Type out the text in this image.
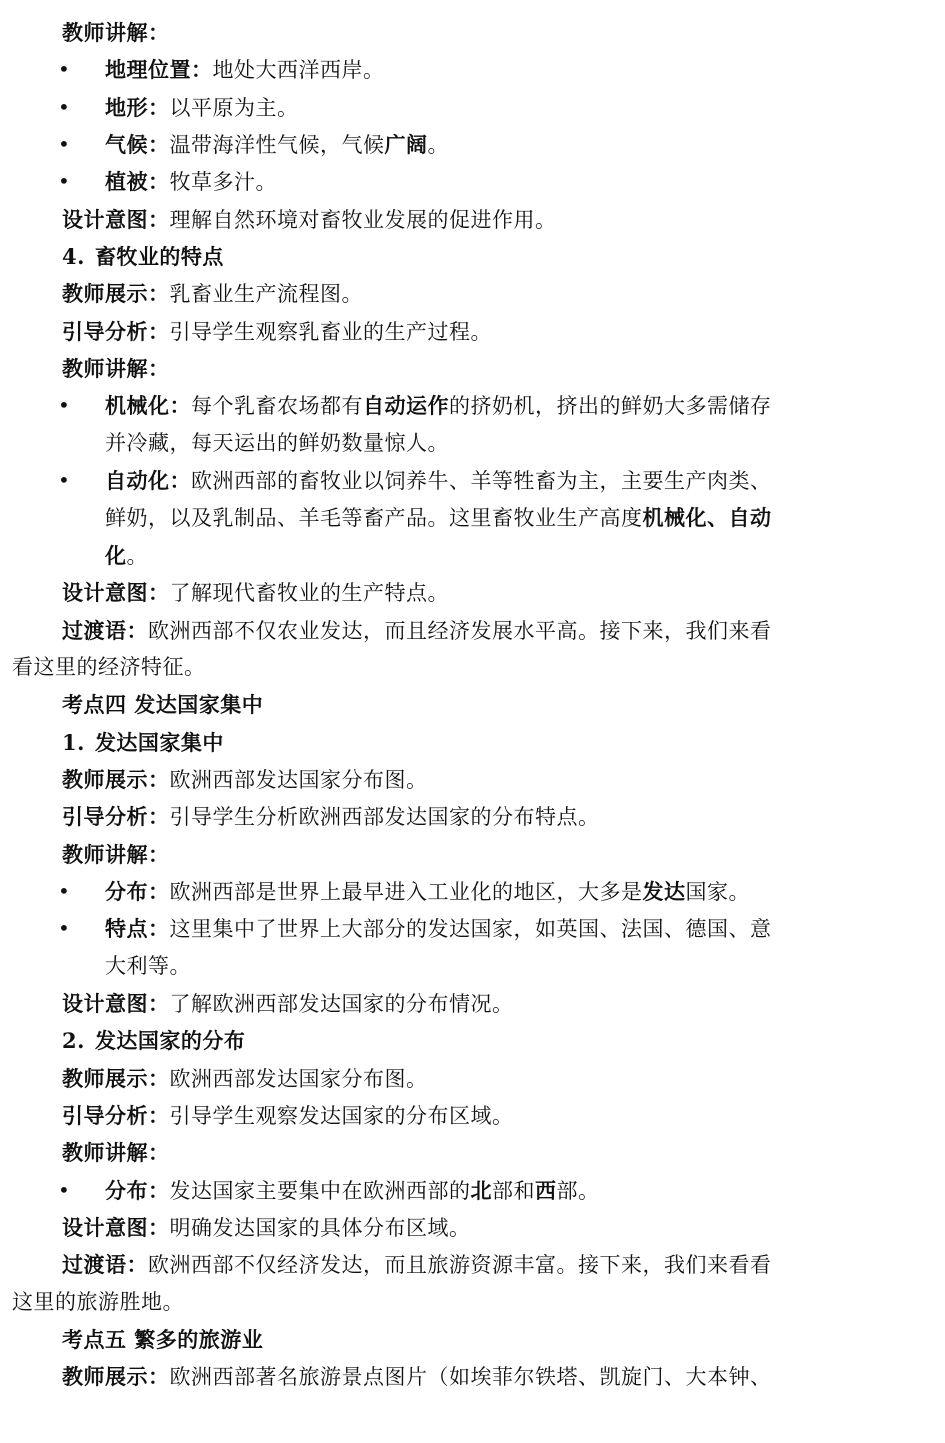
教师讲解：
• 地理位置：地处大西洋西岸。
• 地形：以平原为主。
• 气候：温带海洋性气候，气候广阔。
• 植被：牧草多汁。
设计意图：理解自然环境对畜牧业发展的促进作用。
4. 畜牧业的特点
教师展示：乳畜业生产流程图。
引导分析：引导学生观察乳畜业的生产过程。
教师讲解：
• 机械化：每个乳畜农场都有自动运作的挤奶机，挤出的鲜奶大多需储存
并冷藏，每天运出的鲜奶数量惊人。
• 自动化：欧洲西部的畜牧业以饲养牛、羊等牲畜为主，主要生产肉类、
鲜奶，以及乳制品、羊毛等畜产品。这里畜牧业生产高度机械化、自动
化。
设计意图：了解现代畜牧业的生产特点。
过渡语：欧洲西部不仅农业发达，而且经济发展水平高。接下来，我们来看
看这里的经济特征。
考点四 发达国家集中
1. 发达国家集中
教师展示：欧洲西部发达国家分布图。
引导分析：引导学生分析欧洲西部发达国家的分布特点。
教师讲解：
• 分布：欧洲西部是世界上最早进入工业化的地区，大多是发达国家。
• 特点：这里集中了世界上大部分的发达国家，如英国、法国、德国、意
大利等。
设计意图：了解欧洲西部发达国家的分布情况。
2. 发达国家的分布
教师展示：欧洲西部发达国家分布图。
引导分析：引导学生观察发达国家的分布区域。
教师讲解：
• 分布：发达国家主要集中在欧洲西部的北部和西部。
设计意图：明确发达国家的具体分布区域。
过渡语：欧洲西部不仅经济发达，而且旅游资源丰富。接下来，我们来看看
这里的旅游胜地。
考点五 繁多的旅游业
教师展示：欧洲西部著名旅游景点图片（如埃菲尔铁塔、凯旋门、大本钟、
